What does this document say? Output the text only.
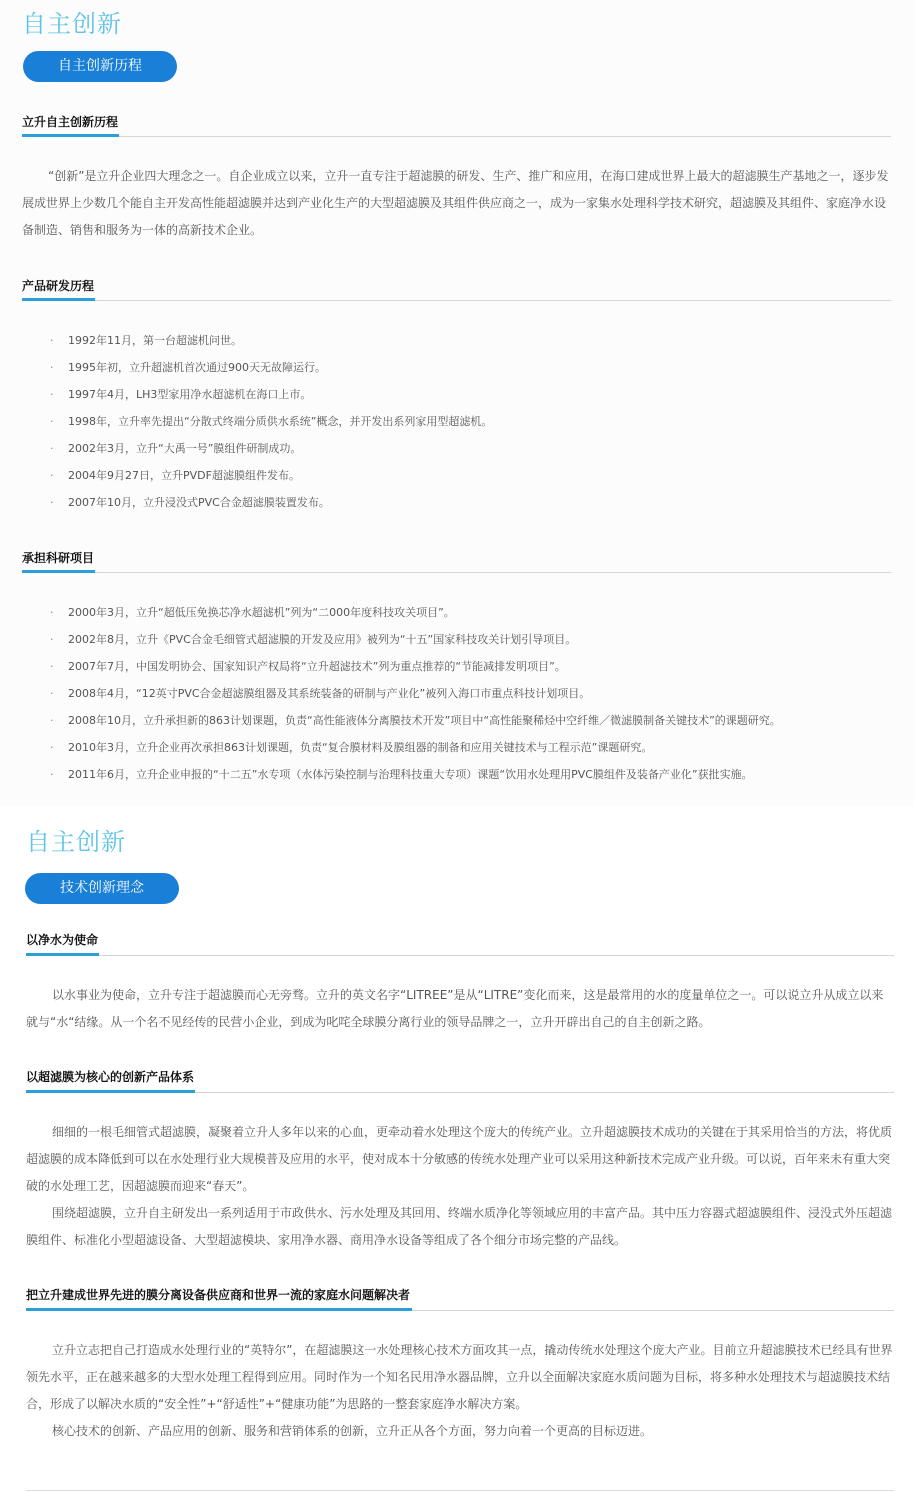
自主创新
自主创新历程
立升自主创新历程
“创新”是立升企业四大理念之一。自企业成立以来，立升一直专注于超滤膜的研发、生产、推广和应用，在海口建成世界上最大的超滤膜生产基地之一，逐步发展成世界上少数几个能自主开发高性能超滤膜并达到产业化生产的大型超滤膜及其组件供应商之一，成为一家集水处理科学技术研究，超滤膜及其组件、家庭净水设备制造、销售和服务为一体的高新技术企业。
产品研发历程
· 1992年11月，第一台超滤机问世。
· 1995年初，立升超滤机首次通过900天无故障运行。
· 1997年4月，LH3型家用净水超滤机在海口上市。
· 1998年，立升率先提出“分散式终端分质供水系统”概念，并开发出系列家用型超滤机。
· 2002年3月，立升“大禹一号”膜组件研制成功。
· 2004年9月27日，立升PVDF超滤膜组件发布。
· 2007年10月，立升浸没式PVC合金超滤膜装置发布。
承担科研项目
· 2000年3月，立升“超低压免换芯净水超滤机”列为“二000年度科技攻关项目”。
· 2002年8月，立升《PVC合金毛细管式超滤膜的开发及应用》被列为“十五”国家科技攻关计划引导项目。
· 2007年7月，中国发明协会、国家知识产权局将“立升超滤技术”列为重点推荐的“节能减排发明项目”。
· 2008年4月，“12英寸PVC合金超滤膜组器及其系统装备的研制与产业化”被列入海口市重点科技计划项目。
· 2008年10月，立升承担新的863计划课题，负责“高性能液体分离膜技术开发”项目中“高性能聚稀烃中空纤维／微滤膜制备关键技术”的课题研究。
· 2010年3月，立升企业再次承担863计划课题，负责“复合膜材料及膜组器的制备和应用关键技术与工程示范”课题研究。
· 2011年6月，立升企业申报的“十二五”水专项（水体污染控制与治理科技重大专项）课题“饮用水处理用PVC膜组件及装备产业化”获批实施。
自主创新
技术创新理念
以净水为使命
以水事业为使命，立升专注于超滤膜而心无旁骛。立升的英文名字“LITREE”是从“LITRE”变化而来，这是最常用的水的度量单位之一。可以说立升从成立以来就与“水“结缘。从一个名不见经传的民营小企业，到成为叱咤全球膜分离行业的领导品牌之一，立升开辟出自己的自主创新之路。
以超滤膜为核心的创新产品体系
细细的一根毛细管式超滤膜，凝聚着立升人多年以来的心血，更牵动着水处理这个庞大的传统产业。立升超滤膜技术成功的关键在于其采用恰当的方法，将优质超滤膜的成本降低到可以在水处理行业大规模普及应用的水平，使对成本十分敏感的传统水处理产业可以采用这种新技术完成产业升级。可以说，百年来未有重大突破的水处理工艺，因超滤膜而迎来“春天”。
围绕超滤膜，立升自主研发出一系列适用于市政供水、污水处理及其回用、终端水质净化等领域应用的丰富产品。其中压力容器式超滤膜组件、浸没式外压超滤膜组件、标准化小型超滤设备、大型超滤模块、家用净水器、商用净水设备等组成了各个细分市场完整的产品线。
把立升建成世界先进的膜分离设备供应商和世界一流的家庭水问题解决者
立升立志把自己打造成水处理行业的“英特尔”，在超滤膜这一水处理核心技术方面攻其一点，撬动传统水处理这个庞大产业。目前立升超滤膜技术已经具有世界领先水平，正在越来越多的大型水处理工程得到应用。同时作为一个知名民用净水器品牌，立升以全面解决家庭水质问题为目标，将多种水处理技术与超滤膜技术结合，形成了以解决水质的“安全性”+“舒适性”+“健康功能”为思路的一整套家庭净水解决方案。
核心技术的创新、产品应用的创新、服务和营销体系的创新，立升正从各个方面，努力向着一个更高的目标迈进。
